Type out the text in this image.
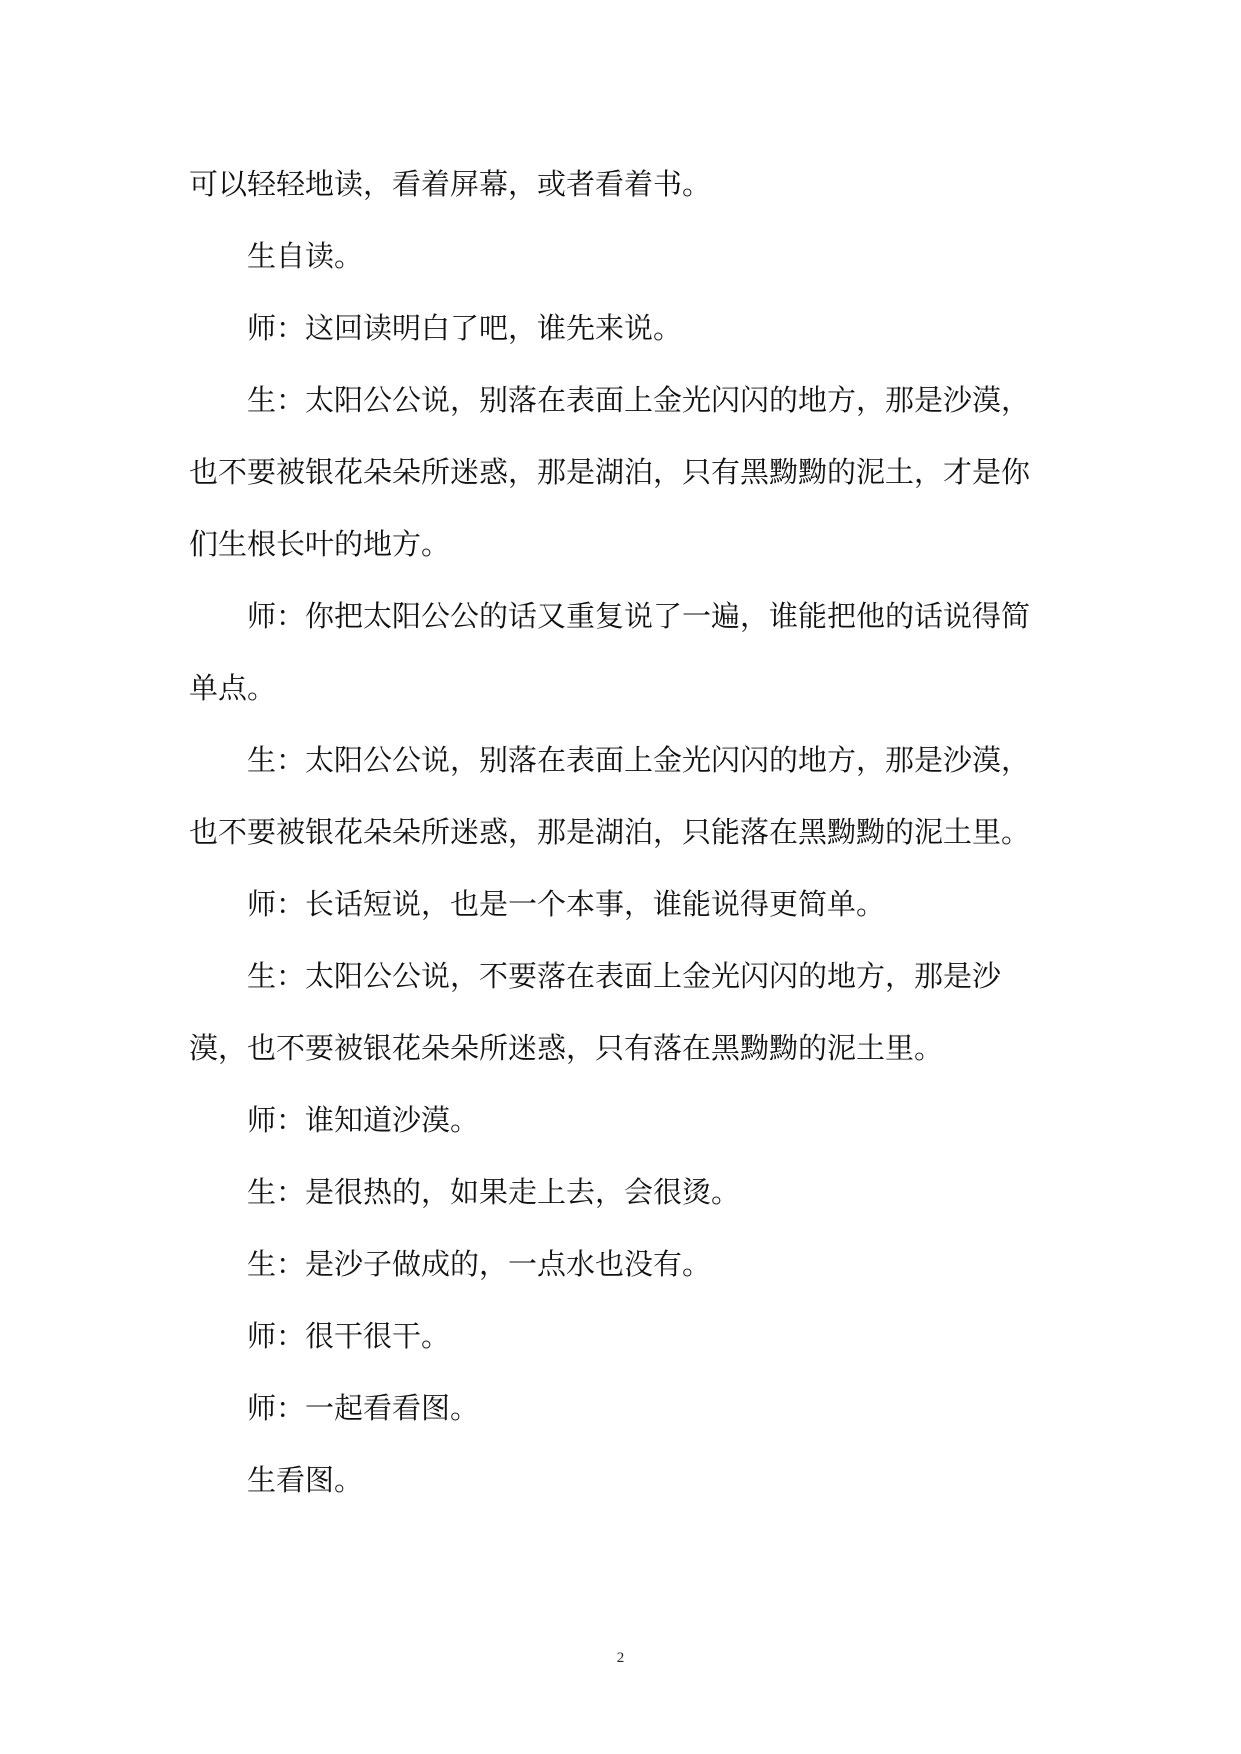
可以轻轻地读，看着屏幕，或者看着书。

生自读。

师：这回读明白了吧，谁先来说。

生：太阳公公说，别落在表面上金光闪闪的地方，那是沙漠，也不要被银花朵朵所迷惑，那是湖泊，只有黑黝黝的泥土，才是你们生根长叶的地方。

师：你把太阳公公的话又重复说了一遍，谁能把他的话说得简单点。

生：太阳公公说，别落在表面上金光闪闪的地方，那是沙漠，也不要被银花朵朵所迷惑，那是湖泊，只能落在黑黝黝的泥土里。

师：长话短说，也是一个本事，谁能说得更简单。

生：太阳公公说，不要落在表面上金光闪闪的地方，那是沙漠，也不要被银花朵朵所迷惑，只有落在黑黝黝的泥土里。

师：谁知道沙漠。

生：是很热的，如果走上去，会很烫。

生：是沙子做成的，一点水也没有。

师：很干很干。

师：一起看看图。

生看图。

2
